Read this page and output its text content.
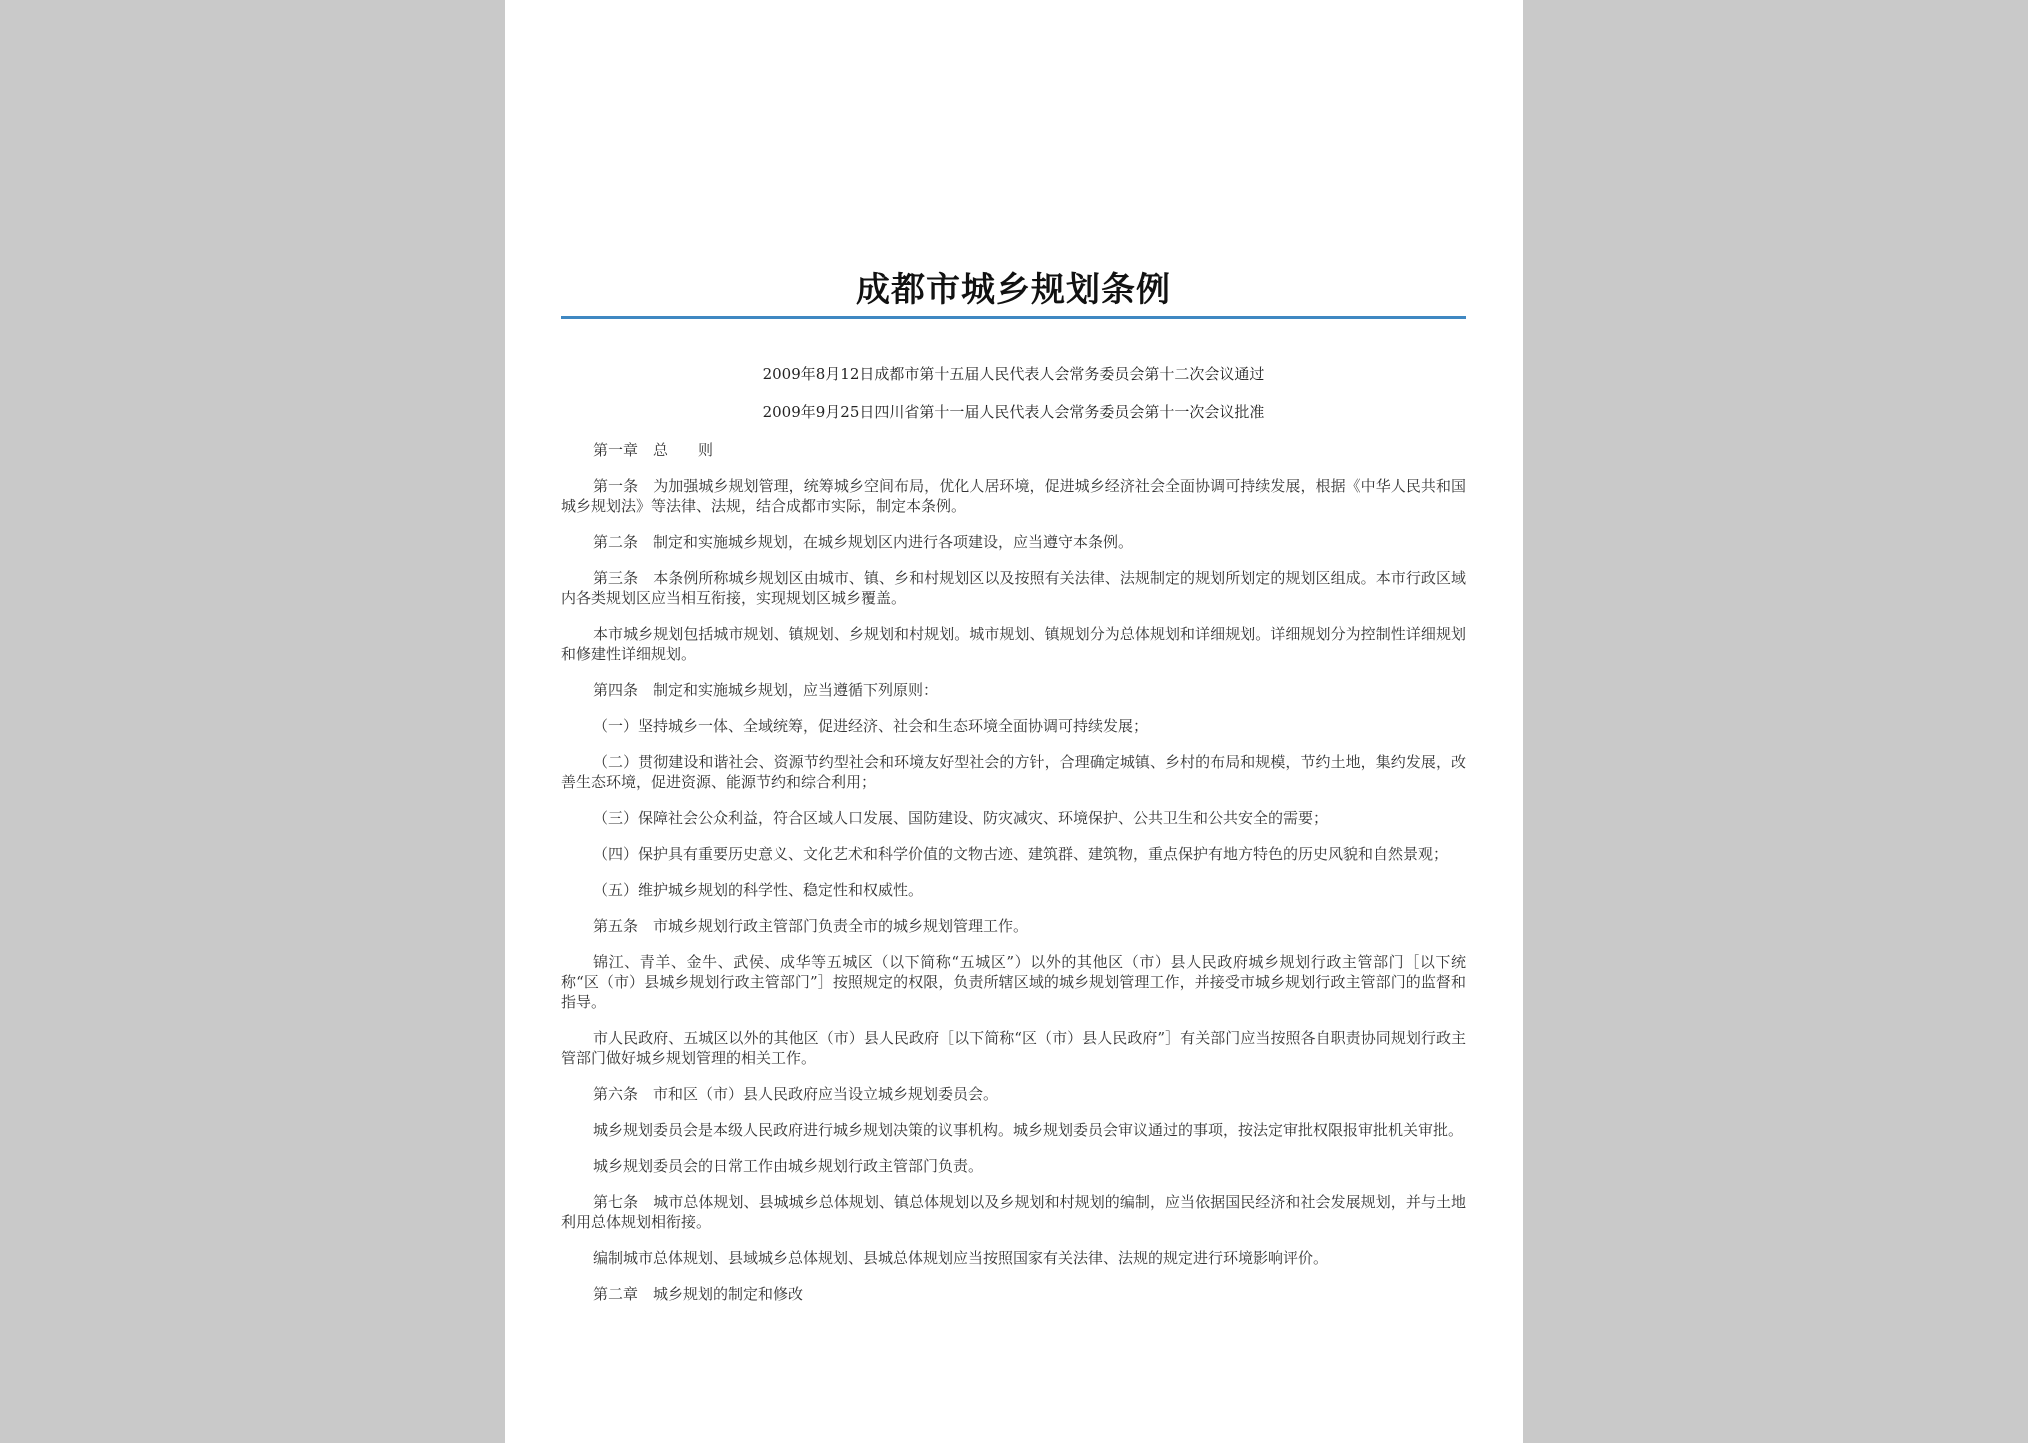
成都市城乡规划条例

2009年8月12日成都市第十五届人民代表人会常务委员会第十二次会议通过

2009年9月25日四川省第十一届人民代表人会常务委员会第十一次会议批准

第一章　总　　则

第一条　为加强城乡规划管理，统筹城乡空间布局，优化人居环境，促进城乡经济社会全面协调可持续发展，根据《中华人民共和国城乡规划法》等法律、法规，结合成都市实际，制定本条例。

第二条　制定和实施城乡规划，在城乡规划区内进行各项建设，应当遵守本条例。

第三条　本条例所称城乡规划区由城市、镇、乡和村规划区以及按照有关法律、法规制定的规划所划定的规划区组成。本市行政区域内各类规划区应当相互衔接，实现规划区城乡覆盖。

本市城乡规划包括城市规划、镇规划、乡规划和村规划。城市规划、镇规划分为总体规划和详细规划。详细规划分为控制性详细规划和修建性详细规划。

第四条　制定和实施城乡规划，应当遵循下列原则：

（一）坚持城乡一体、全域统筹，促进经济、社会和生态环境全面协调可持续发展；

（二）贯彻建设和谐社会、资源节约型社会和环境友好型社会的方针，合理确定城镇、乡村的布局和规模，节约土地，集约发展，改善生态环境，促进资源、能源节约和综合利用；

（三）保障社会公众利益，符合区域人口发展、国防建设、防灾减灾、环境保护、公共卫生和公共安全的需要；

（四）保护具有重要历史意义、文化艺术和科学价值的文物古迹、建筑群、建筑物，重点保护有地方特色的历史风貌和自然景观；

（五）维护城乡规划的科学性、稳定性和权威性。

第五条　市城乡规划行政主管部门负责全市的城乡规划管理工作。

锦江、青羊、金牛、武侯、成华等五城区（以下简称“五城区”）以外的其他区（市）县人民政府城乡规划行政主管部门［以下统称“区（市）县城乡规划行政主管部门”］按照规定的权限，负责所辖区域的城乡规划管理工作，并接受市城乡规划行政主管部门的监督和指导。

市人民政府、五城区以外的其他区（市）县人民政府［以下简称“区（市）县人民政府”］有关部门应当按照各自职责协同规划行政主管部门做好城乡规划管理的相关工作。

第六条　市和区（市）县人民政府应当设立城乡规划委员会。

城乡规划委员会是本级人民政府进行城乡规划决策的议事机构。城乡规划委员会审议通过的事项，按法定审批权限报审批机关审批。

城乡规划委员会的日常工作由城乡规划行政主管部门负责。

第七条　城市总体规划、县城城乡总体规划、镇总体规划以及乡规划和村规划的编制，应当依据国民经济和社会发展规划，并与土地利用总体规划相衔接。

编制城市总体规划、县域城乡总体规划、县城总体规划应当按照国家有关法律、法规的规定进行环境影响评价。

第二章　城乡规划的制定和修改
